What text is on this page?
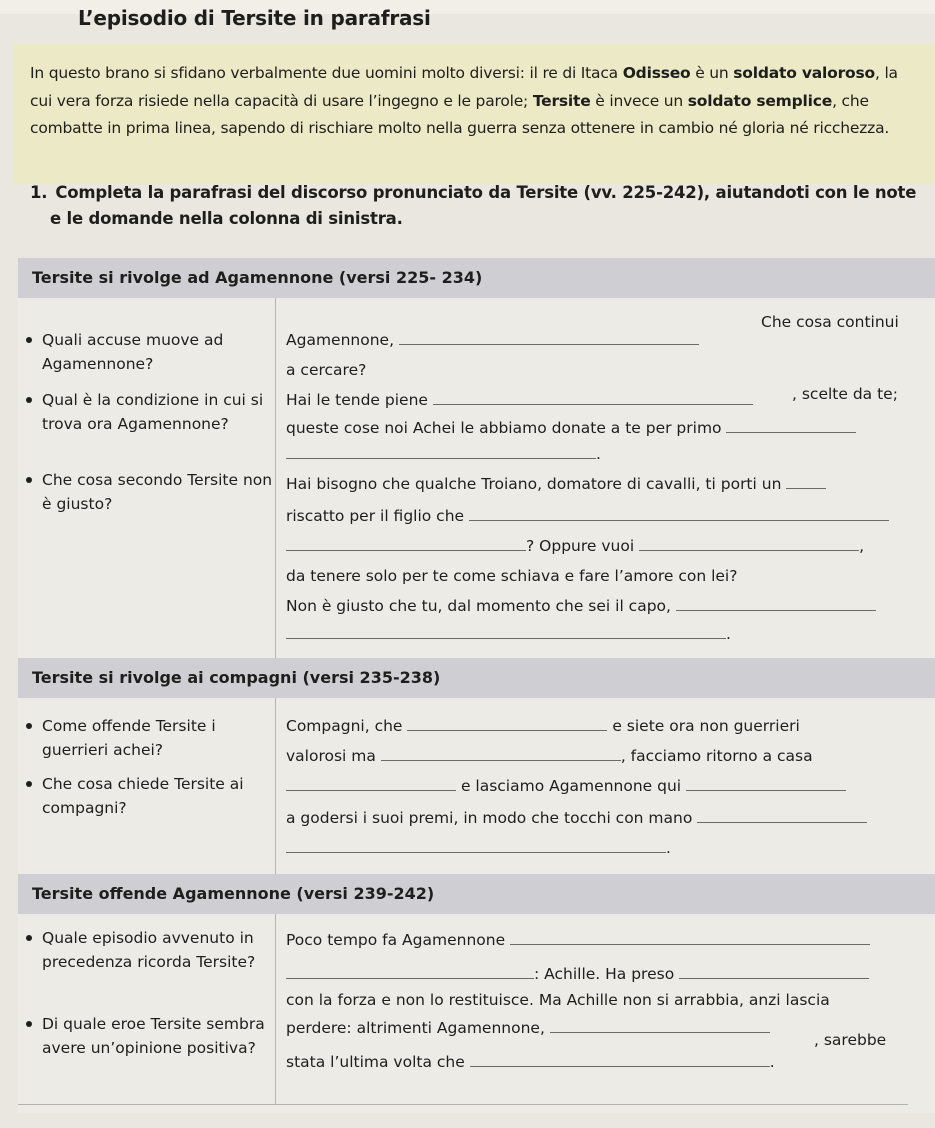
L’episodio di Tersite in parafrasi
In questo brano si sfidano verbalmente due uomini molto diversi: il re di Itaca Odisseo è un soldato valoroso, la cui vera forza risiede nella capacità di usare l’ingegno e le parole; Tersite è invece un soldato semplice, che combatte in prima linea, sapendo di rischiare molto nella guerra senza ottenere in cambio né gloria né ricchezza.
1. Completa la parafrasi del discorso pronunciato da Tersite (vv. 225-242), aiutandoti con le note
e le domande nella colonna di sinistra.
Tersite si rivolge ad Agamennone (versi 225- 234)
Quali accuse muove ad Agamennone?
Qual è la condizione in cui si trova ora Agamennone?
Che cosa secondo Tersite non è giusto?
Agamennone,
Che cosa continui
a cercare?
Hai le tende piene	, scelte da te;
queste cose noi Achei le abbiamo donate a te per primo
.
Hai bisogno che qualche Troiano, domatore di cavalli, ti porti un
riscatto per il figlio che
? Oppure vuoi	,
da tenere solo per te come schiava e fare l’amore con lei?
Non è giusto che tu, dal momento che sei il capo,
.
Tersite si rivolge ai compagni (versi 235-238)
Come offende Tersite i guerrieri achei?
Che cosa chiede Tersite ai compagni?
Compagni, che	e siete ora non guerrieri
valorosi ma	, facciamo ritorno a casa
e lasciamo Agamennone qui
a godersi i suoi premi, in modo che tocchi con mano
.
Tersite offende Agamennone (versi 239-242)
Quale episodio avvenuto in precedenza ricorda Tersite?
Di quale eroe Tersite sembra avere un’opinione positiva?
Poco tempo fa Agamennone
: Achille. Ha preso
con la forza e non lo restituisce. Ma Achille non si arrabbia, anzi lascia
perdere: altrimenti Agamennone,
, sarebbe
stata l’ultima volta che	.
